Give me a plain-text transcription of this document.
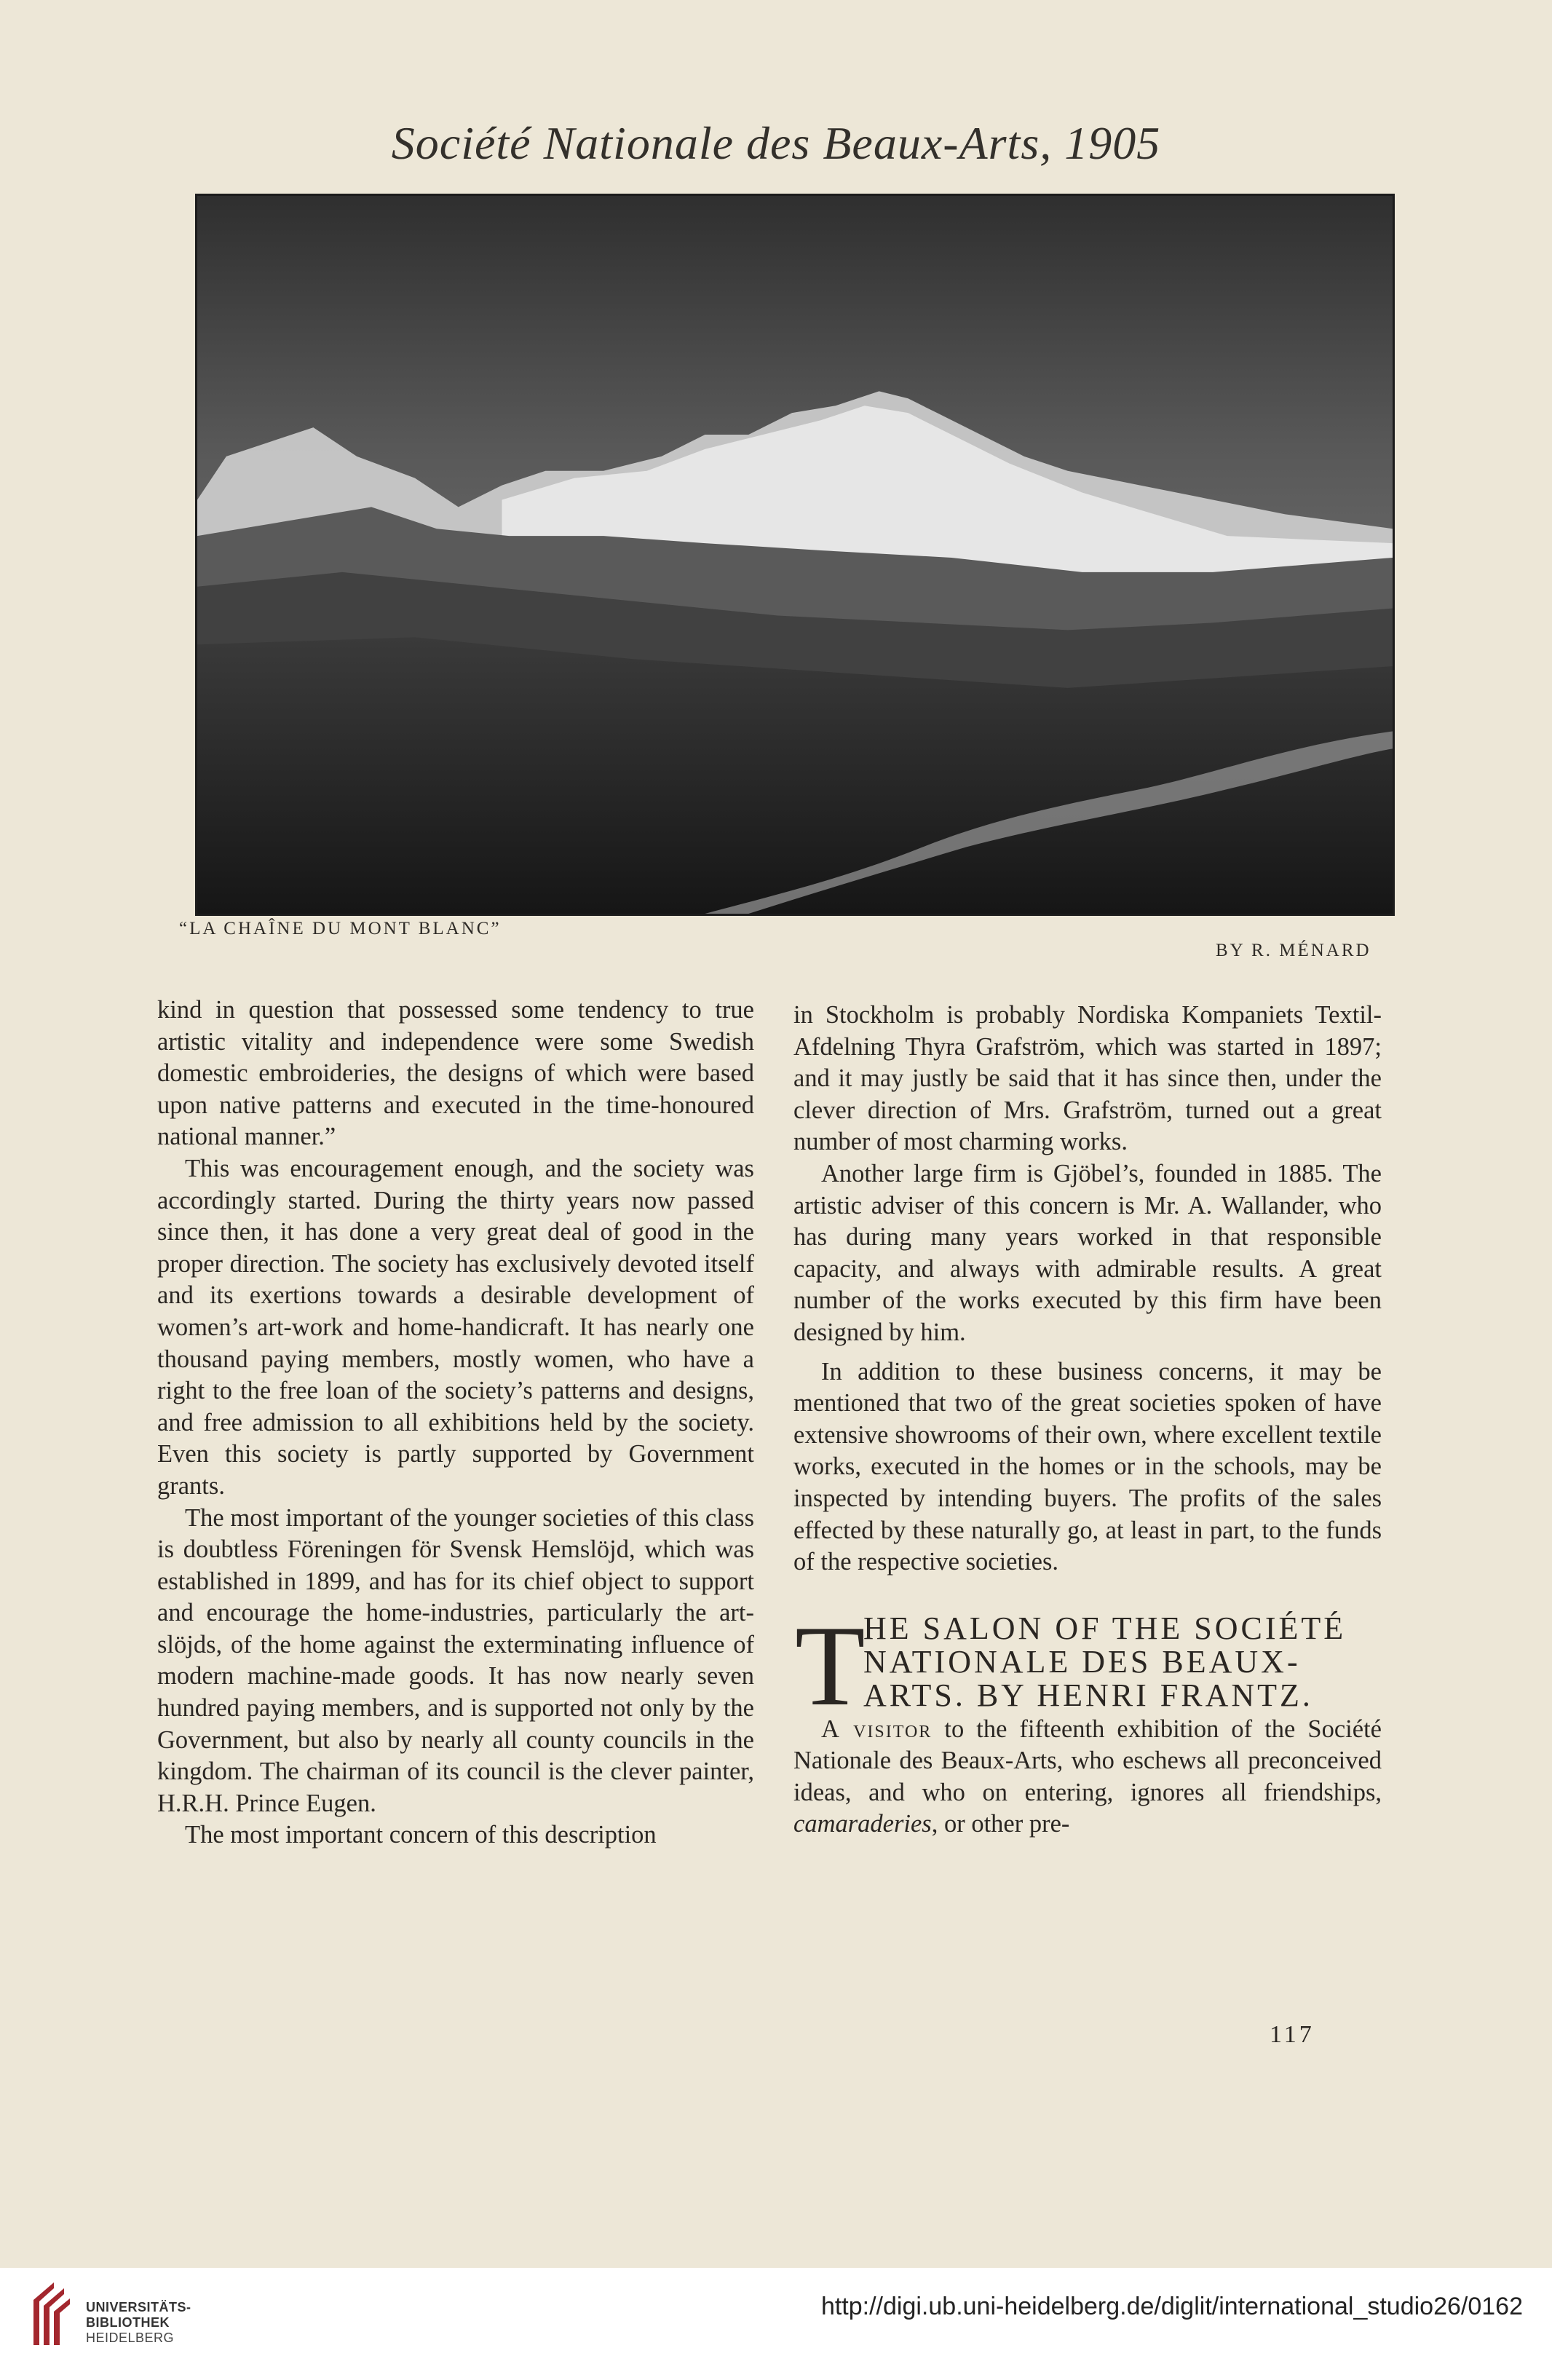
Société Nationale des Beaux-Arts, 1905
“LA CHAÎNE DU MONT BLANC”
BY R. MÉNARD

kind in question that possessed some tendency to true artistic vitality and independence were some Swedish domestic embroideries, the designs of which were based upon native patterns and executed in the time-honoured national manner.”

This was encouragement enough, and the society was accordingly started. During the thirty years now passed since then, it has done a very great deal of good in the proper direction. The society has exclusively devoted itself and its exertions towards a desirable development of women’s art-work and home-handicraft. It has nearly one thousand paying members, mostly women, who have a right to the free loan of the society’s patterns and designs, and free admission to all exhibitions held by the society. Even this society is partly supported by Government grants.

The most important of the younger societies of this class is doubtless Föreningen för Svensk Hemslöjd, which was established in 1899, and has for its chief object to support and encourage the home-industries, particularly the art-slöjds, of the home against the exterminating influence of modern machine-made goods. It has now nearly seven hundred paying members, and is supported not only by the Government, but also by nearly all county councils in the kingdom. The chairman of its council is the clever painter, H.R.H. Prince Eugen.

The most important concern of this description

in Stockholm is probably Nordiska Kompaniets Textil-Afdelning Thyra Grafström, which was started in 1897; and it may justly be said that it has since then, under the clever direction of Mrs. Grafström, turned out a great number of most charming works.

Another large firm is Gjöbel’s, founded in 1885. The artistic adviser of this concern is Mr. A. Wallander, who has during many years worked in that responsible capacity, and always with admirable results. A great number of the works executed by this firm have been designed by him.

In addition to these business concerns, it may be mentioned that two of the great societies spoken of have extensive showrooms of their own, where excellent textile works, executed in the homes or in the schools, may be inspected by intending buyers. The profits of the sales effected by these naturally go, at least in part, to the funds of the respective societies.

T
HE SALON OF THE SOCIÉTÉ NATIONALE DES BEAUX-ARTS. BY HENRI FRANTZ.

A visitor to the fifteenth exhibition of the Société Nationale des Beaux-Arts, who eschews all preconceived ideas, and who on entering, ignores all friendships, camaraderies, or other pre-

117
UNIVERSITÄTS-
BIBLIOTHEK
HEIDELBERG
http://digi.ub.uni-heidelberg.de/diglit/international_studio26/0162
